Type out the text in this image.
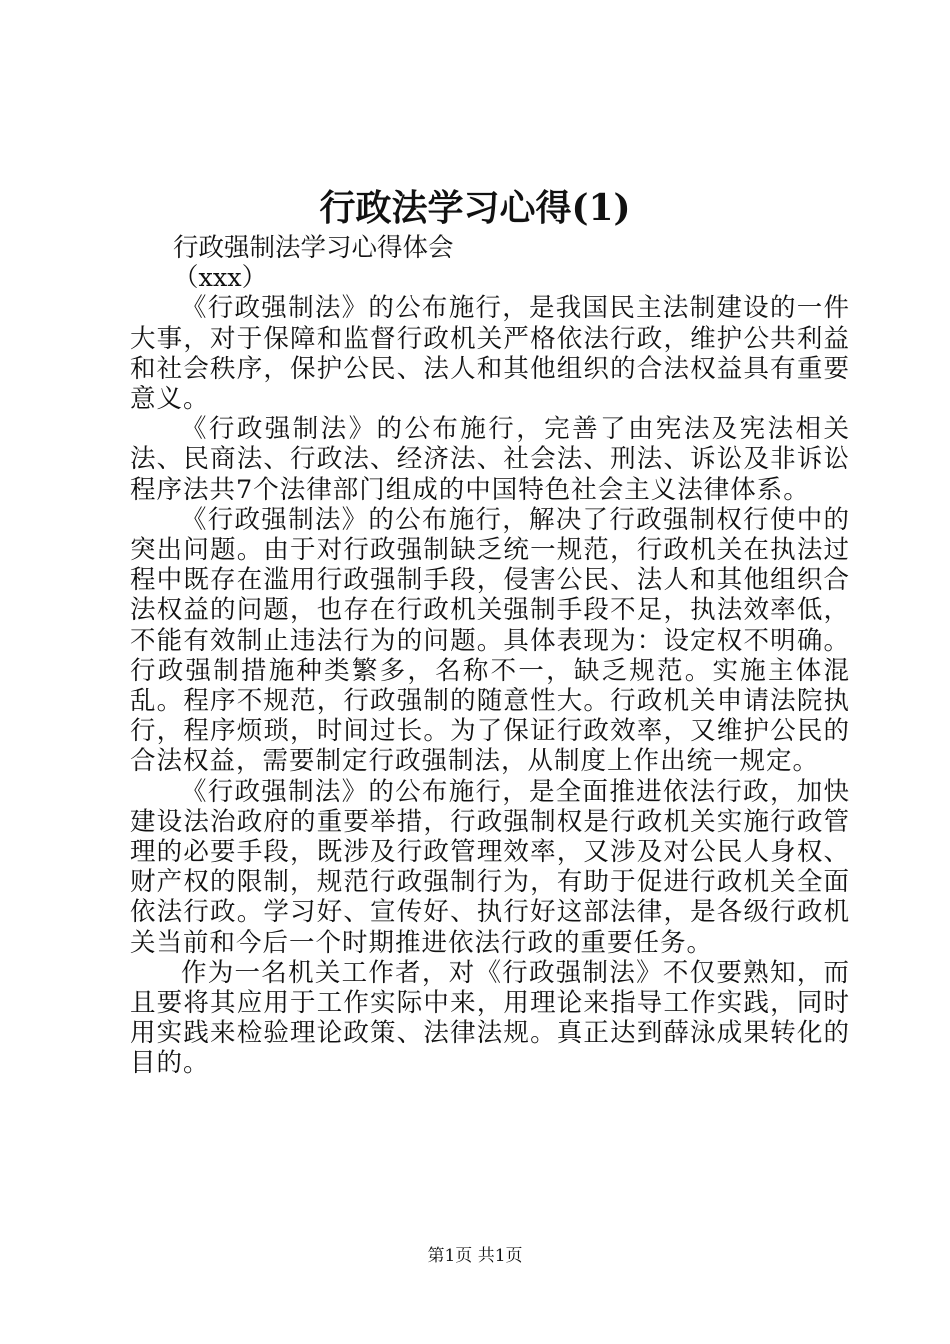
行政法学习心得(1)

行政强制法学习心得体会

（xxx）

《行政强制法》的公布施行，是我国民主法制建设的一件大事，对于保障和监督行政机关严格依法行政，维护公共利益和社会秩序，保护公民、法人和其他组织的合法权益具有重要意义。

《行政强制法》的公布施行，完善了由宪法及宪法相关法、民商法、行政法、经济法、社会法、刑法、诉讼及非诉讼程序法共7个法律部门组成的中国特色社会主义法律体系。

《行政强制法》的公布施行，解决了行政强制权行使中的突出问题。由于对行政强制缺乏统一规范，行政机关在执法过程中既存在滥用行政强制手段，侵害公民、法人和其他组织合法权益的问题，也存在行政机关强制手段不足，执法效率低，不能有效制止违法行为的问题。具体表现为：设定权不明确。行政强制措施种类繁多，名称不一，缺乏规范。实施主体混乱。程序不规范，行政强制的随意性大。行政机关申请法院执行，程序烦琐，时间过长。为了保证行政效率，又维护公民的合法权益，需要制定行政强制法，从制度上作出统一规定。

《行政强制法》的公布施行，是全面推进依法行政，加快建设法治政府的重要举措，行政强制权是行政机关实施行政管理的必要手段，既涉及行政管理效率，又涉及对公民人身权、财产权的限制，规范行政强制行为，有助于促进行政机关全面依法行政。学习好、宣传好、执行好这部法律，是各级行政机关当前和今后一个时期推进依法行政的重要任务。

作为一名机关工作者，对《行政强制法》不仅要熟知，而且要将其应用于工作实际中来，用理论来指导工作实践，同时用实践来检验理论政策、法律法规。真正达到薛泳成果转化的目的。

第1页 共1页
